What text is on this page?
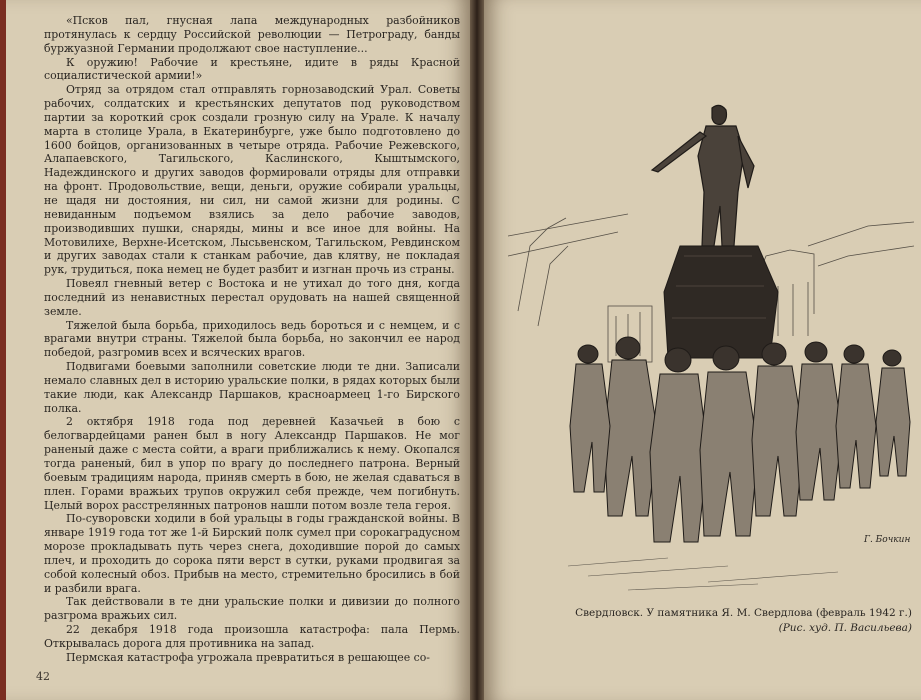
«Псков пал, гнусная лапа международных разбойников протянулась к сердцу Российской революции — Петрограду, банды буржуазной Германии продолжают свое наступление...

К оружию! Рабочие и крестьяне, идите в ряды Красной социалистической армии!»

Отряд за отрядом стал отправлять горнозаводский Урал. Советы рабочих, солдатских и крестьянских депутатов под руководством партии за короткий срок создали грозную силу на Урале. К началу марта в столице Урала, в Екатеринбурге, уже было подготовлено до 1600 бойцов, организованных в четыре отряда. Рабочие Режевского, Алапаевского, Тагильского, Каслинского, Кыштымского, Надеждинского и других заводов формировали отряды для отправки на фронт. Продовольствие, вещи, деньги, оружие собирали уральцы, не щадя ни достояния, ни сил, ни самой жизни для родины. С невиданным подъемом взялись за дело рабочие заводов, производивших пушки, снаряды, мины и все иное для войны. На Мотовилихе, Верхне-Исетском, Лысьвенском, Тагильском, Ревдинском и других заводах стали к станкам рабочие, дав клятву, не покладая рук, трудиться, пока немец не будет разбит и изгнан прочь из страны.

Повеял гневный ветер с Востока и не утихал до того дня, когда последний из ненавистных перестал орудовать на нашей священной земле.

Тяжелой была борьба, приходилось ведь бороться и с немцем, и с врагами внутри страны. Тяжелой была борьба, но закончил ее народ победой, разгромив всех и всяческих врагов.

Подвигами боевыми заполнили советские люди те дни. Записали немало славных дел в историю уральские полки, в рядах которых были такие люди, как Александр Паршаков, красноармеец 1-го Бирского полка.

2 октября 1918 года под деревней Казачьей в бою с белогвардейцами ранен был в ногу Александр Паршаков. Не мог раненый даже с места сойти, а враги приближались к нему. Окопался тогда раненый, бил в упор по врагу до последнего патрона. Верный боевым традициям народа, приняв смерть в бою, не желая сдаваться в плен. Горами вражьих трупов окружил себя прежде, чем погибнуть. Целый ворох расстрелянных патронов нашли потом возле тела героя.

По-суворовски ходили в бой уральцы в годы гражданской войны. В январе 1919 года тот же 1-й Бирский полк сумел при сорокаградусном морозе прокладывать путь через снега, доходившие порой до самых плеч, и проходить до сорока пяти верст в сутки, руками продвигая за собой колесный обоз. Прибыв на место, стремительно бросились в бой и разбили врага.

Так действовали в те дни уральские полки и дивизии до полного разгрома вражьих сил.

22 декабря 1918 года произошла катастрофа: пала Пермь. Открывалась дорога для противника на запад.

Пермская катастрофа угрожала превратиться в решающее со-

42
Г. Бочкин
Свердловск. У памятника Я. М. Свердлова (февраль 1942 г.)
(Рис. худ. П. Васильева)
